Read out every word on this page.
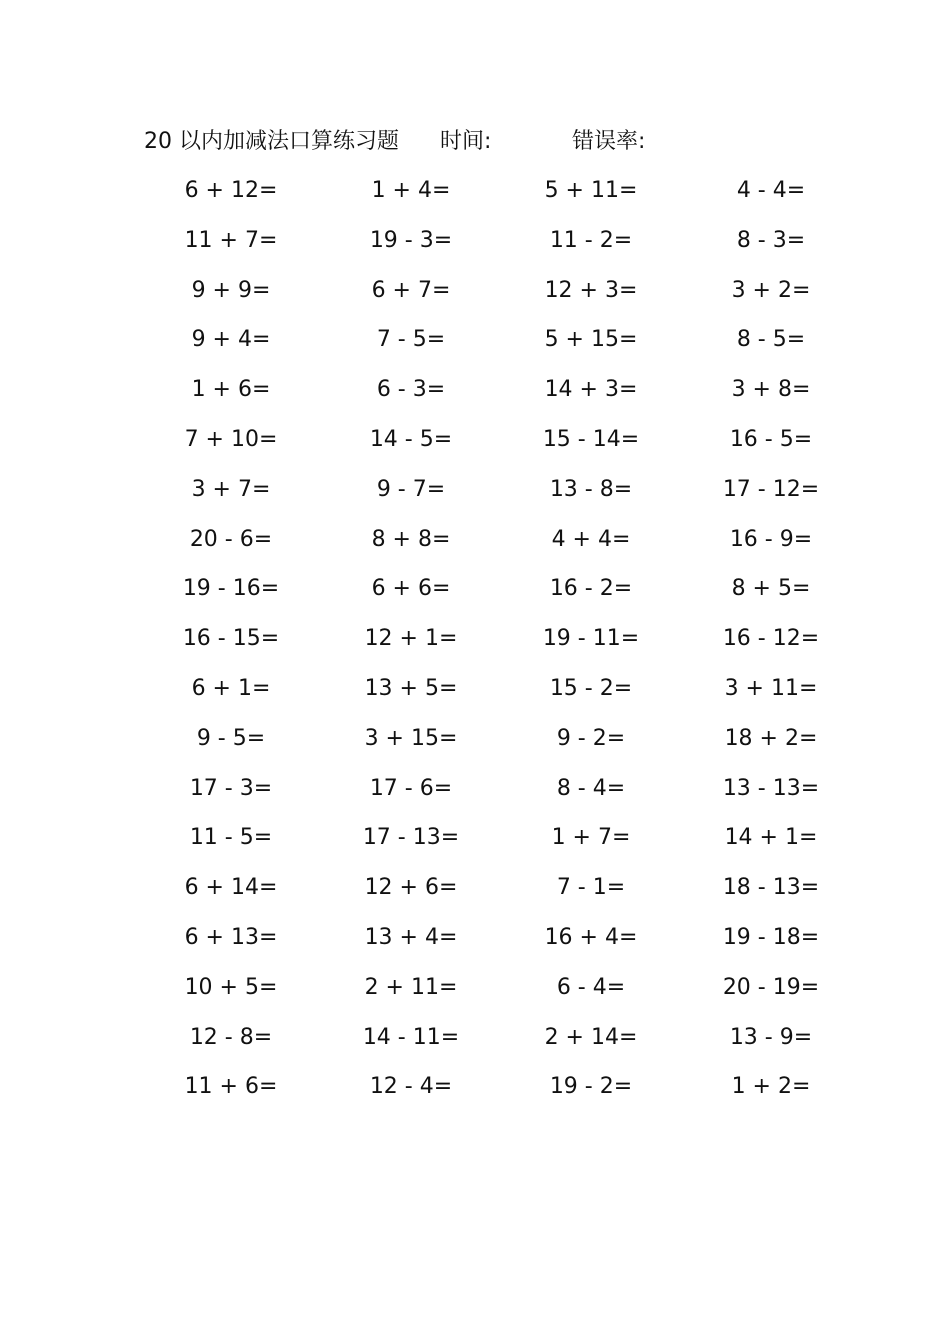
20 以内加减法口算练习题 时间:	错误率:
6 + 12=	1 + 4=	5 + 11=	4 - 4=
11 + 7=	19 - 3=	11 - 2=	8 - 3=
9 + 9=	6 + 7=	12 + 3=	3 + 2=
9 + 4=	7 - 5=	5 + 15=	8 - 5=
1 + 6=	6 - 3=	14 + 3=	3 + 8=
7 + 10=	14 - 5=	15 - 14=	16 - 5=
3 + 7=	9 - 7=	13 - 8=	17 - 12=
20 - 6=	8 + 8=	4 + 4=	16 - 9=
19 - 16=	6 + 6=	16 - 2=	8 + 5=
16 - 15=	12 + 1=	19 - 11=	16 - 12=
6 + 1=	13 + 5=	15 - 2=	3 + 11=
9 - 5=	3 + 15=	9 - 2=	18 + 2=
17 - 3=	17 - 6=	8 - 4=	13 - 13=
11 - 5=	17 - 13=	1 + 7=	14 + 1=
6 + 14=	12 + 6=	7 - 1=	18 - 13=
6 + 13=	13 + 4=	16 + 4=	19 - 18=
10 + 5=	2 + 11=	6 - 4=	20 - 19=
12 - 8=	14 - 11=	2 + 14=	13 - 9=
11 + 6=	12 - 4=	19 - 2=	1 + 2=
